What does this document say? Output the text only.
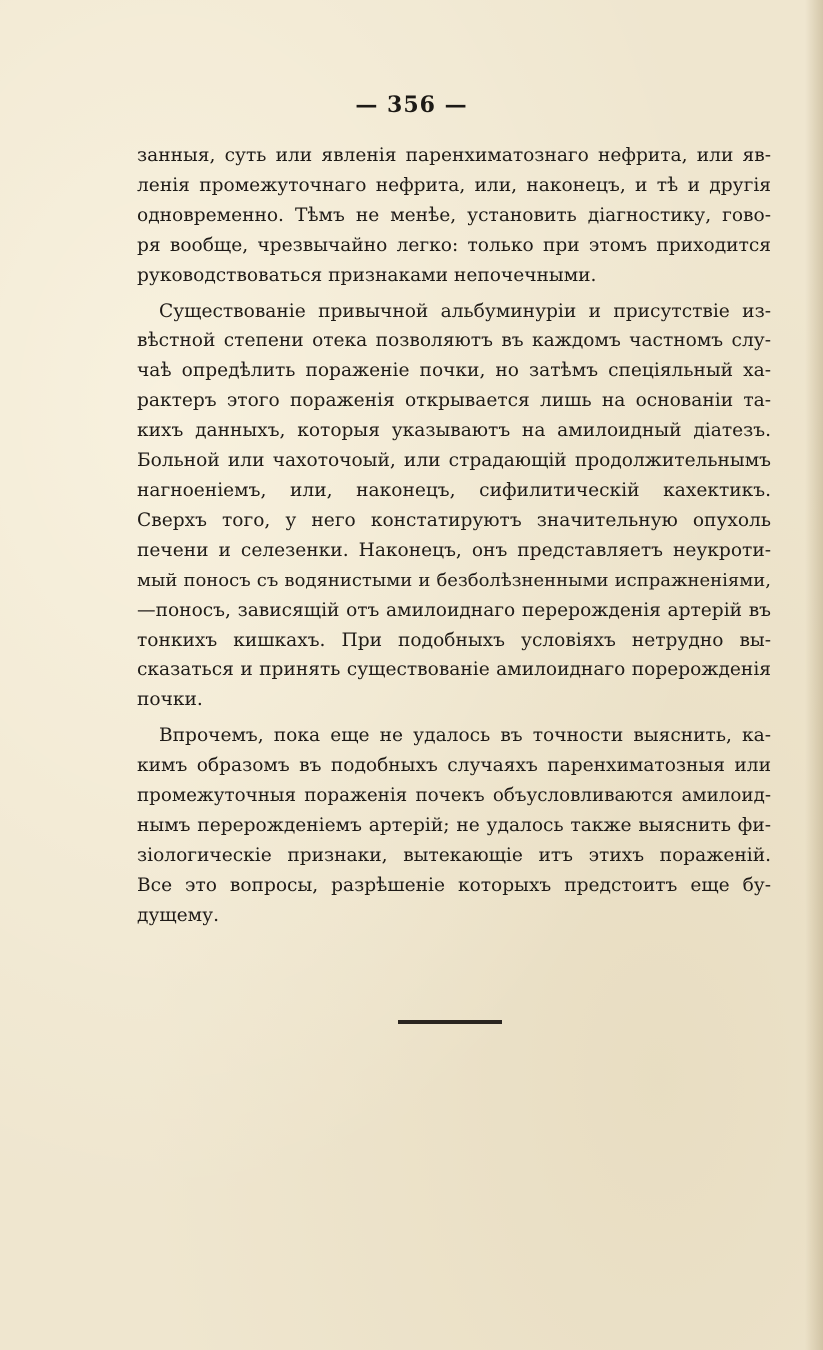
— 356 —
занныя, суть или явленія паренхиматознаго нефрита, или яв-
ленія промежуточнаго нефрита, или, наконецъ, и тѣ и другія
одновременно. Тѣмъ не менѣе, установить діагностику, гово-
ря вообще, чрезвычайно легко: только при этомъ приходится
руководствоваться признаками непочечными.
Существованіе привычной альбуминуріи и присутствіе из-
вѣстной степени отека позволяютъ въ каждомъ частномъ слу-
чаѣ опредѣлить пораженіе почки, но затѣмъ спеціяльный ха-
рактеръ этого пораженія открывается лишь на основаніи та-
кихъ данныхъ, которыя указываютъ на амилоидный діатезъ.
Больной или чахоточоый, или страдающій продолжительнымъ
нагноеніемъ, или, наконецъ, сифилитическій кахектикъ.
Сверхъ того, у него констатируютъ значительную опухоль
печени и селезенки. Наконецъ, онъ представляетъ неукроти-
мый поносъ съ водянистыми и безболѣзненными испражненіями,
—поносъ, зависящій отъ амилоиднаго перерожденія артерій въ
тонкихъ кишкахъ. При подобныхъ условіяхъ нетрудно вы-
сказаться и принять существованіе амилоиднаго порерожденія
почки.
Впрочемъ, пока еще не удалось въ точности выяснить, ка-
кимъ образомъ въ подобныхъ случаяхъ паренхиматозныя или
промежуточныя пораженія почекъ объусловливаются амилоид-
нымъ перерожденіемъ артерій; не удалось также выяснить фи-
зіологическіе признаки, вытекающіе итъ этихъ пораженій.
Все это вопросы, разрѣшеніе которыхъ предстоитъ еще бу-
дущему.
